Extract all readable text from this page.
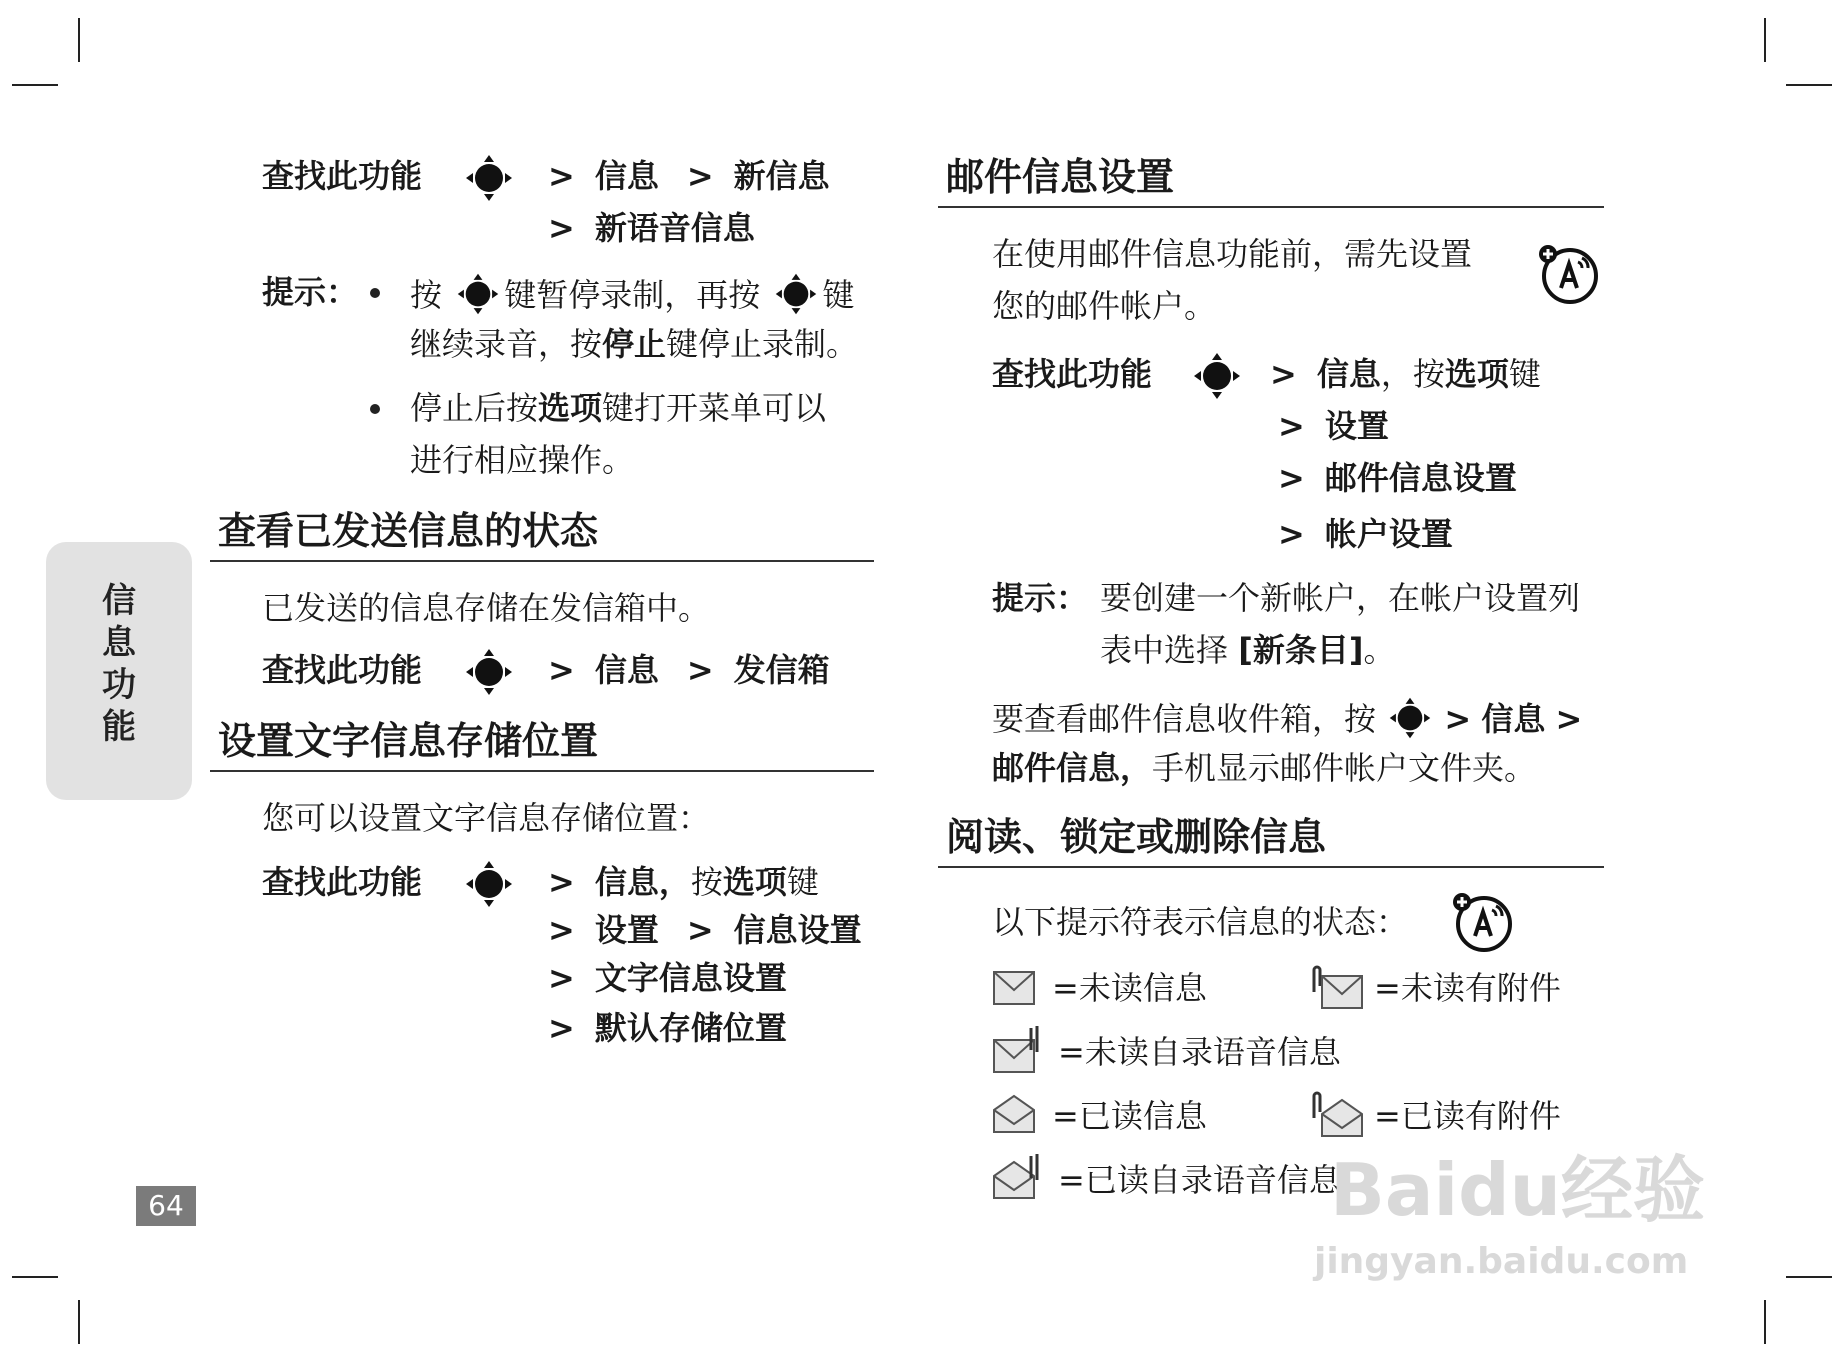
信
息
功
能
64
查找此功能	> 信息 > 新信息
> 新语音信息
提示： 按 键暂停录制，再按 键
继续录音，按停止键停止录制。
停止后按选项键打开菜单可以
进行相应操作。
查看已发送信息的状态
已发送的信息存储在发信箱中。
查找此功能	> 信息 > 发信箱
设置文字信息存储位置
您可以设置文字信息存储位置：
查找此功能	> 信息，按选项键
> 设置 > 信息设置
> 文字信息设置
> 默认存储位置
邮件信息设置
在使用邮件信息功能前，需先设置
您的邮件帐户。
查找此功能	> 信息，按选项键
> 设置
> 邮件信息设置
> 帐户设置
提示： 要创建一个新帐户，在帐户设置列
表中选择 [新条目]。
要查看邮件信息收件箱，按 > 信息 >
邮件信息，手机显示邮件帐户文件夹。
阅读、锁定或删除信息
以下提示符表示信息的状态：
=未读信息	=未读有附件
=未读自录语音信息
=已读信息	=已读有附件
=已读自录语音信息
Baidu经验
jingyan.baidu.com
